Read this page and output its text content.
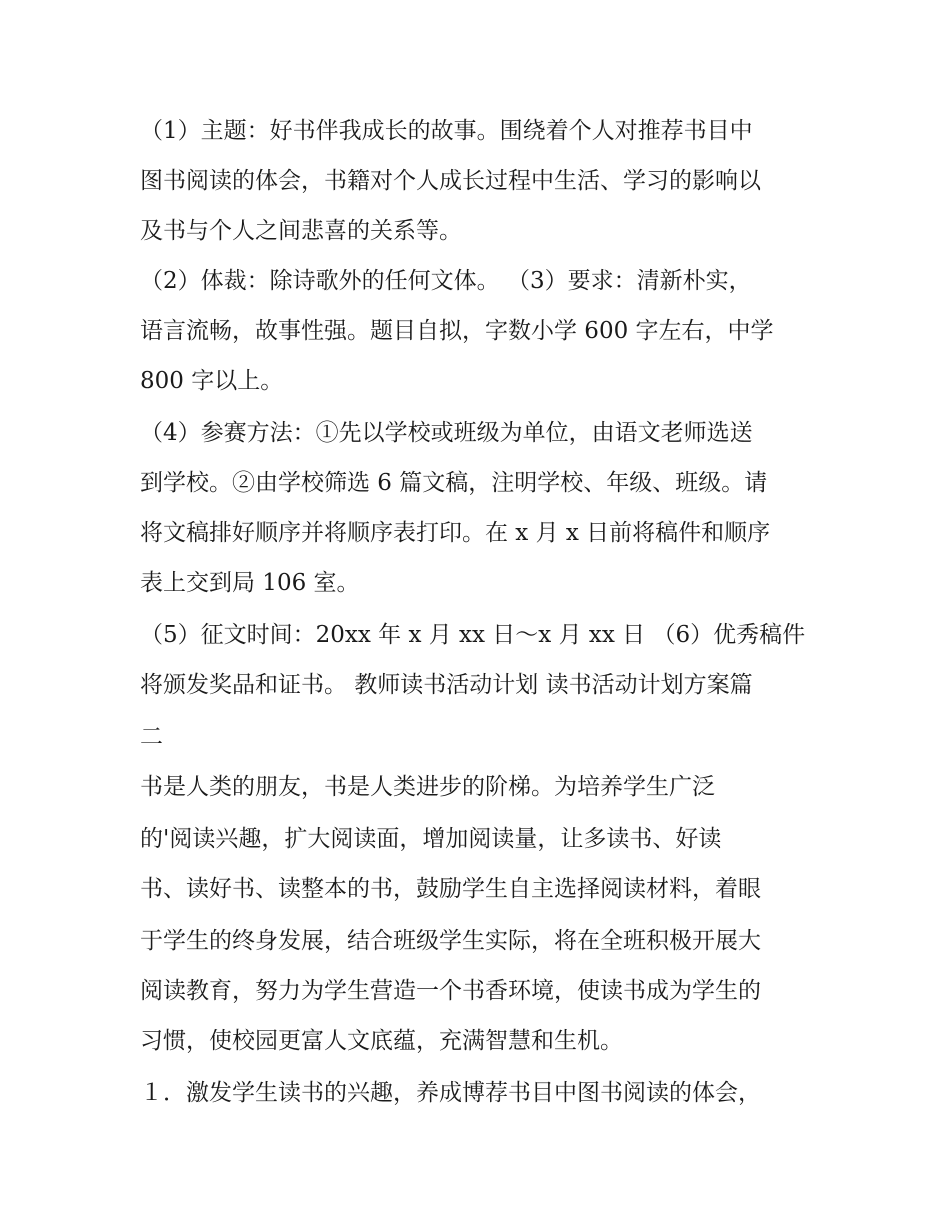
（1）主题：好书伴我成长的故事。围绕着个人对推荐书目中
图书阅读的体会，书籍对个人成长过程中生活、学习的影响以
及书与个人之间悲喜的关系等。
（2）体裁：除诗歌外的任何文体。 （3）要求：清新朴实，
语言流畅，故事性强。题目自拟，字数小学 600 字左右，中学
800 字以上。
（4）参赛方法：①先以学校或班级为单位，由语文老师选送
到学校。②由学校筛选 6 篇文稿，注明学校、年级、班级。请
将文稿排好顺序并将顺序表打印。在 x 月 x 日前将稿件和顺序
表上交到局 106 室。
（5）征文时间：20xx 年 x 月 xx 日～x 月 xx 日 （6）优秀稿件
将颁发奖品和证书。 教师读书活动计划 读书活动计划方案篇
二
书是人类的朋友，书是人类进步的阶梯。为培养学生广泛
的'阅读兴趣，扩大阅读面，增加阅读量，让多读书、好读
书、读好书、读整本的书，鼓励学生自主选择阅读材料，着眼
于学生的终身发展，结合班级学生实际，将在全班积极开展大
阅读教育，努力为学生营造一个书香环境，使读书成为学生的
习惯，使校园更富人文底蕴，充满智慧和生机。
１．激发学生读书的兴趣，养成博荐书目中图书阅读的体会，
